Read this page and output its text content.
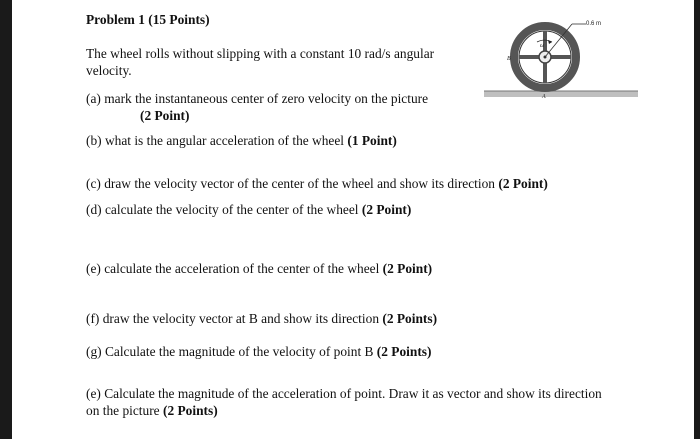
Problem 1 (15 Points)
The wheel rolls without slipping with a constant 10 rad/s angular
velocity.
(a) mark the instantaneous center of zero velocity on the picture
(2 Point)
(b) what is the angular acceleration of the wheel (1 Point)
(c) draw the velocity vector of the center of the wheel and show its direction (2 Point)
(d) calculate the velocity of the center of the wheel (2 Point)
(e) calculate the acceleration of the center of the wheel (2 Point)
(f) draw the velocity vector at B and show its direction (2 Points)
(g) Calculate the magnitude of the velocity of point B (2 Points)
(e) Calculate the magnitude of the acceleration of point. Draw it as vector and show its direction
on the picture (2 Points)
0.6 m
ω
B
A
